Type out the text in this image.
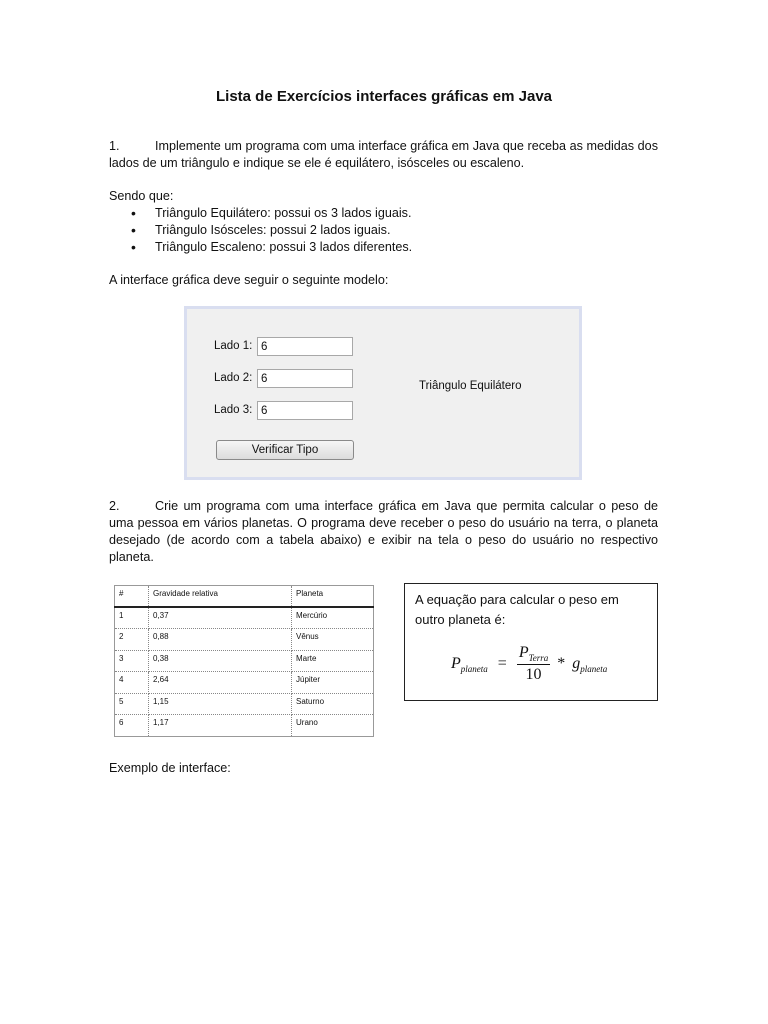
Lista de Exercícios interfaces gráficas em Java
1.	Implemente um programa com uma interface gráfica em Java que receba as medidas dos lados de um triângulo e indique se ele é equilátero, isósceles ou escaleno.
Sendo que:
• Triângulo Equilátero: possui os 3 lados iguais.
• Triângulo Isósceles: possui 2 lados iguais.
• Triângulo Escaleno: possui 3 lados diferentes.
A interface gráfica deve seguir o seguinte modelo:
Lado 1: 6
Lado 2: 6
Lado 3: 6
Verificar Tipo
Triângulo Equilátero
2.	Crie um programa com uma interface gráfica em Java que permita calcular o peso de uma pessoa em vários planetas. O programa deve receber o peso do usuário na terra, o planeta desejado (de acordo com a tabela abaixo) e exibir na tela o peso do usuário no respectivo planeta.
#	Gravidade relativa	Planeta
1	0,37	Mercúrio
2	0,88	Vênus
3	0,38	Marte
4	2,64	Júpiter
5	1,15	Saturno
6	1,17	Urano
A equação para calcular o peso em outro planeta é:
$P_{planeta}$ =
$P_{Terra}$
10
* $g_{planeta}$
Exemplo de interface:
